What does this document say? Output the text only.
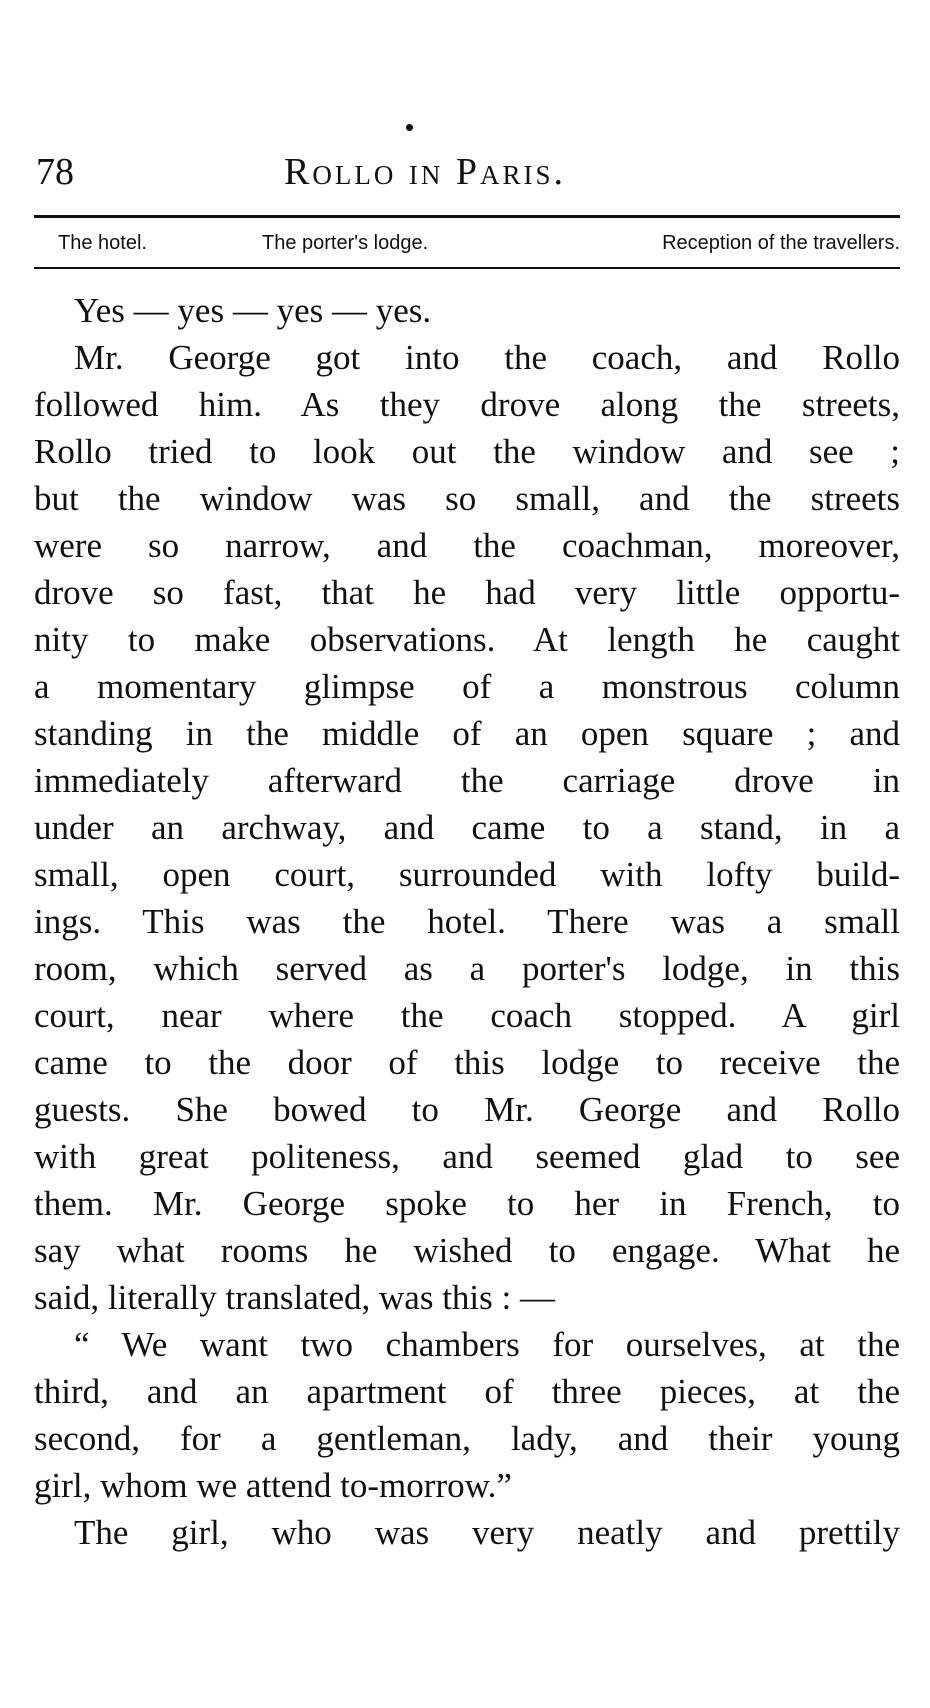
78	Rollo in Paris.
The hotel.	The porter's lodge.	Reception of the travellers.
Yes — yes — yes — yes.
Mr. George got into the coach, and Rollo
followed him. As they drove along the streets,
Rollo tried to look out the window and see ;
but the window was so small, and the streets
were so narrow, and the coachman, moreover,
drove so fast, that he had very little opportu-
nity to make observations. At length he caught
a momentary glimpse of a monstrous column
standing in the middle of an open square ; and
immediately afterward the carriage drove in
under an archway, and came to a stand, in a
small, open court, surrounded with lofty build-
ings. This was the hotel. There was a small
room, which served as a porter's lodge, in this
court, near where the coach stopped. A girl
came to the door of this lodge to receive the
guests. She bowed to Mr. George and Rollo
with great politeness, and seemed glad to see
them. Mr. George spoke to her in French, to
say what rooms he wished to engage. What he
said, literally translated, was this : —
“ We want two chambers for ourselves, at the
third, and an apartment of three pieces, at the
second, for a gentleman, lady, and their young
girl, whom we attend to-morrow.”
The girl, who was very neatly and prettily
